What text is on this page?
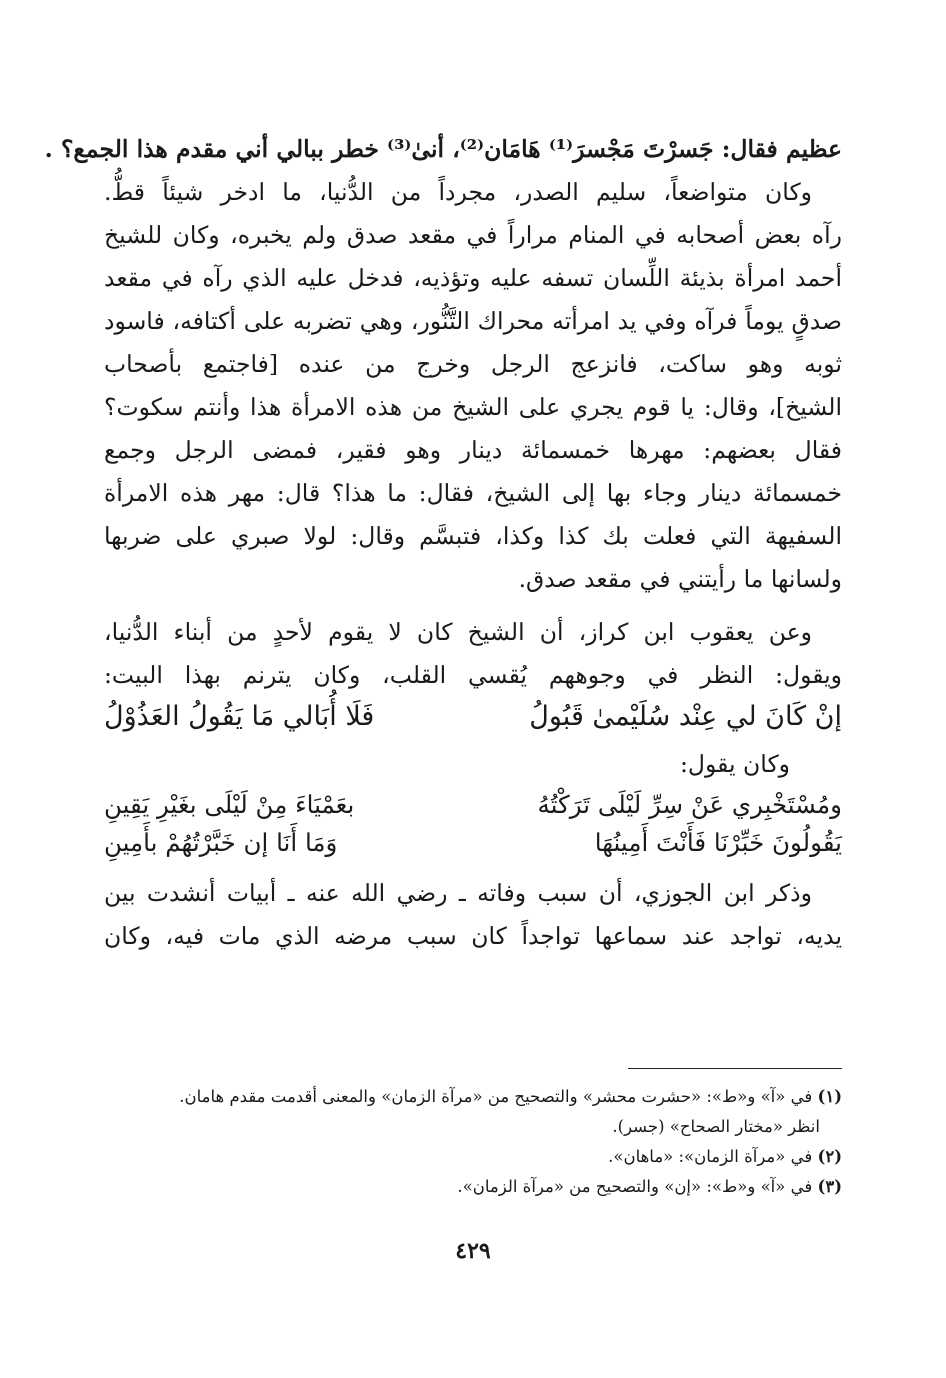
عظيم فقال: جَسرْتَ مَجْسرَ⁽¹⁾ هَامَان⁽²⁾، أنىٰ⁽³⁾ خطر ببالي أني مقدم هذا الجمع؟ .
وكان متواضعاً، سليم الصدر، مجرداً من الدُّنيا، ما ادخر شيئاً قطُّ.
رآه بعض أصحابه في المنام مراراً في مقعد صدق ولم يخبره، وكان للشيخ
أحمد امرأة بذيئة اللِّسان تسفه عليه وتؤذيه، فدخل عليه الذي رآه في مقعد
صدقٍ يوماً فرآه وفي يد امرأته محراك التَّنُّور، وهي تضربه على أكتافه، فاسود
ثوبه وهو ساكت، فانزعج الرجل وخرج من عنده [فاجتمع بأصحاب
الشيخ]، وقال: يا قوم يجري على الشيخ من هذه الامرأة هذا وأنتم سكوت؟
فقال بعضهم: مهرها خمسمائة دينار وهو فقير، فمضى الرجل وجمع
خمسمائة دينار وجاء بها إلى الشيخ، فقال: ما هذا؟ قال: مهر هذه الامرأة
السفيهة التي فعلت بك كذا وكذا، فتبسَّم وقال: لولا صبري على ضربها
ولسانها ما رأيتني في مقعد صدق.
وعن يعقوب ابن كراز، أن الشيخ كان لا يقوم لأحدٍ من أبناء الدُّنيا،
ويقول: النظر في وجوههم يُقسي القلب، وكان يترنم بهذا البيت:
إنْ كَانَ لي عِنْد سُلَيْمىٰ قَبُولُ
فَلَا أُبَالي مَا يَقُولُ العَذُوْلُ
وكان يقول:
ومُسْتَخْبِري عَنْ سِرِّ لَيْلَى تَرَكْتُهُ
بعَمْيَاءَ مِنْ لَيْلَى بغَيْرِ يَقِينِ
يَقُولُونَ خَبِّرْنَا فَأَنْتَ أَمِينُهَا
وَمَا أَنَا إن خَبَّرْتُهُمْ بأَمِينِ
وذكر ابن الجوزي، أن سبب وفاته ـ رضي الله عنه ـ أبيات أنشدت بين
يديه، تواجد عند سماعها تواجداً كان سبب مرضه الذي مات فيه، وكان
(١) في «آ» و«ط»: «حشرت محشر» والتصحيح من «مرآة الزمان» والمعنى أقدمت مقدم هامان.
انظر «مختار الصحاح» (جسر).
(٢) في «مرآة الزمان»: «ماهان».
(٣) في «آ» و«ط»: «إن» والتصحيح من «مرآة الزمان».
٤٢٩
